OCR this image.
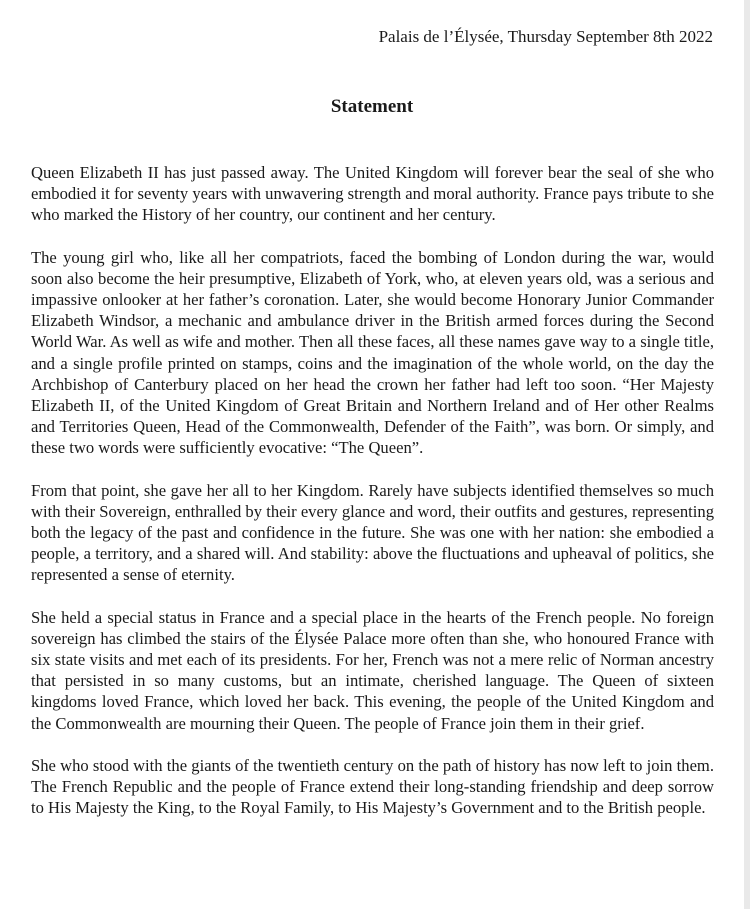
Palais de l’Élysée, Thursday September 8th 2022
Statement

Queen Elizabeth II has just passed away. The United Kingdom will forever bear the seal of she who embodied it for seventy years with unwavering strength and moral authority. France pays tribute to she who marked the History of her country, our continent and her century.

The young girl who, like all her compatriots, faced the bombing of London during the war, would soon also become the heir presumptive, Elizabeth of York, who, at eleven years old, was a serious and impassive onlooker at her father’s coronation. Later, she would become Honorary Junior Commander Elizabeth Windsor, a mechanic and ambulance driver in the British armed forces during the Second World War. As well as wife and mother. Then all these faces, all these names gave way to a single title, and a single profile printed on stamps, coins and the imagination of the whole world, on the day the Archbishop of Canterbury placed on her head the crown her father had left too soon. “Her Majesty Elizabeth II, of the United Kingdom of Great Britain and Northern Ireland and of Her other Realms and Territories Queen, Head of the Commonwealth, Defender of the Faith”, was born. Or simply, and these two words were sufficiently evocative: “The Queen”.

From that point, she gave her all to her Kingdom. Rarely have subjects identified themselves so much with their Sovereign, enthralled by their every glance and word, their outfits and gestures, representing both the legacy of the past and confidence in the future. She was one with her nation: she embodied a people, a territory, and a shared will. And stability: above the fluctuations and upheaval of politics, she represented a sense of eternity.

She held a special status in France and a special place in the hearts of the French people. No foreign sovereign has climbed the stairs of the Élysée Palace more often than she, who honoured France with six state visits and met each of its presidents. For her, French was not a mere relic of Norman ancestry that persisted in so many customs, but an intimate, cherished language. The Queen of sixteen kingdoms loved France, which loved her back. This evening, the people of the United Kingdom and the Commonwealth are mourning their Queen. The people of France join them in their grief.

She who stood with the giants of the twentieth century on the path of history has now left to join them. The French Republic and the people of France extend their long-standing friendship and deep sorrow to His Majesty the King, to the Royal Family, to His Majesty’s Government and to the British people.
